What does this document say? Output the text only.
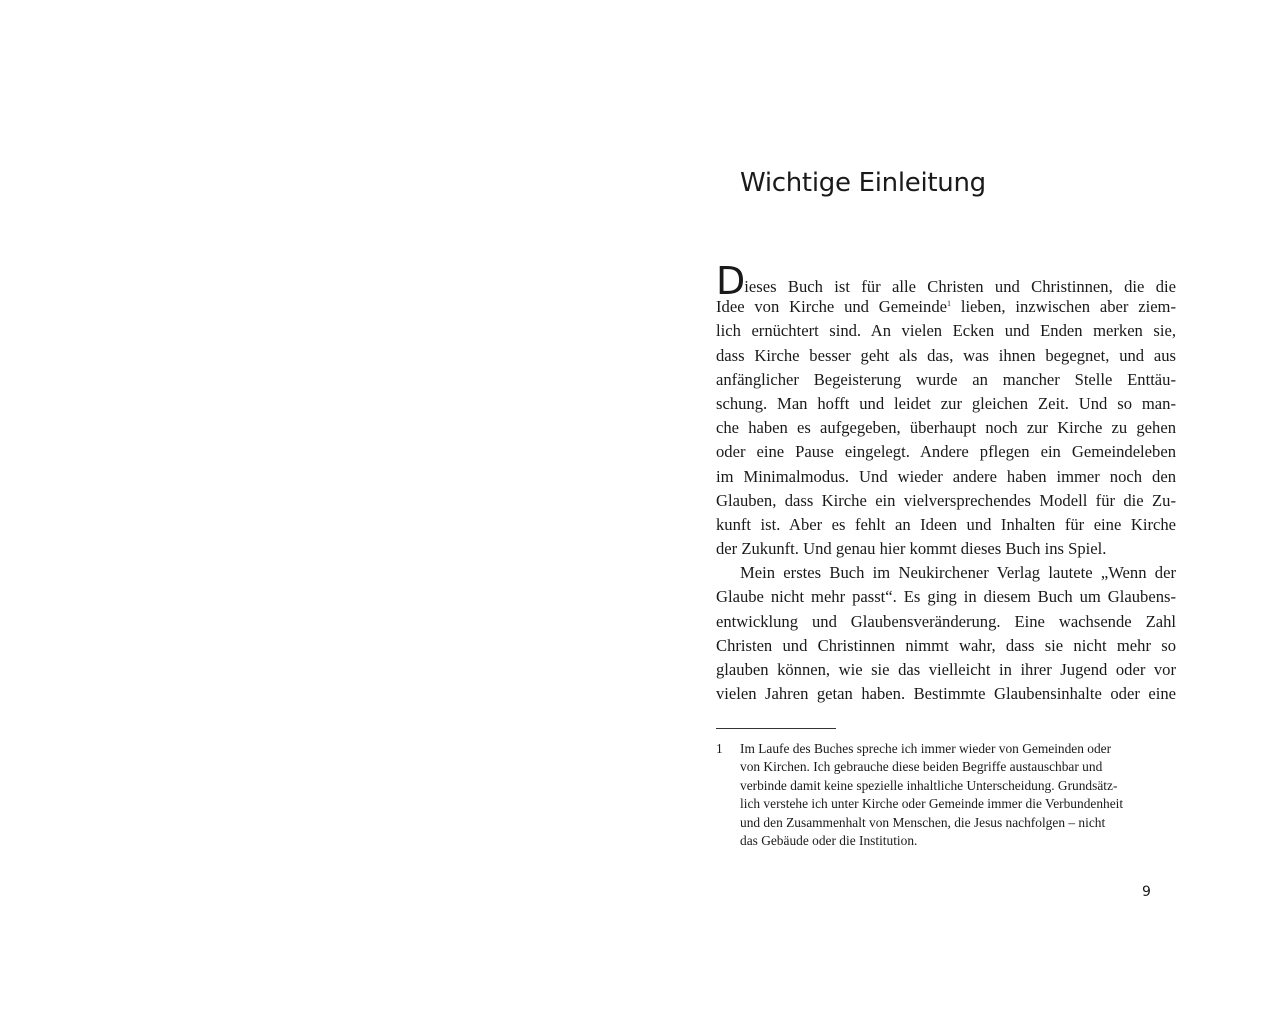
Wichtige Einleitung
Dieses Buch ist für alle Christen und Christinnen, die die
Idee von Kirche und Gemeinde$^1$ lieben, inzwischen aber ziem-
lich ernüchtert sind. An vielen Ecken und Enden merken sie,
dass Kirche besser geht als das, was ihnen begegnet, und aus
anfänglicher Begeisterung wurde an mancher Stelle Enttäu-
schung. Man hofft und leidet zur gleichen Zeit. Und so man-
che haben es aufgegeben, überhaupt noch zur Kirche zu gehen
oder eine Pause eingelegt. Andere pflegen ein Gemeindeleben
im Minimalmodus. Und wieder andere haben immer noch den
Glauben, dass Kirche ein vielversprechendes Modell für die Zu-
kunft ist. Aber es fehlt an Ideen und Inhalten für eine Kirche
der Zukunft. Und genau hier kommt dieses Buch ins Spiel.
Mein erstes Buch im Neukirchener Verlag lautete „Wenn der
Glaube nicht mehr passt“. Es ging in diesem Buch um Glaubens-
entwicklung und Glaubensveränderung. Eine wachsende Zahl
Christen und Christinnen nimmt wahr, dass sie nicht mehr so
glauben können, wie sie das vielleicht in ihrer Jugend oder vor
vielen Jahren getan haben. Bestimmte Glaubensinhalte oder eine
1 Im Laufe des Buches spreche ich immer wieder von Gemeinden oder
von Kirchen. Ich gebrauche diese beiden Begriffe austauschbar und
verbinde damit keine spezielle inhaltliche Unterscheidung. Grundsätz-
lich verstehe ich unter Kirche oder Gemeinde immer die Verbundenheit
und den Zusammenhalt von Menschen, die Jesus nachfolgen – nicht
das Gebäude oder die Institution.
9
